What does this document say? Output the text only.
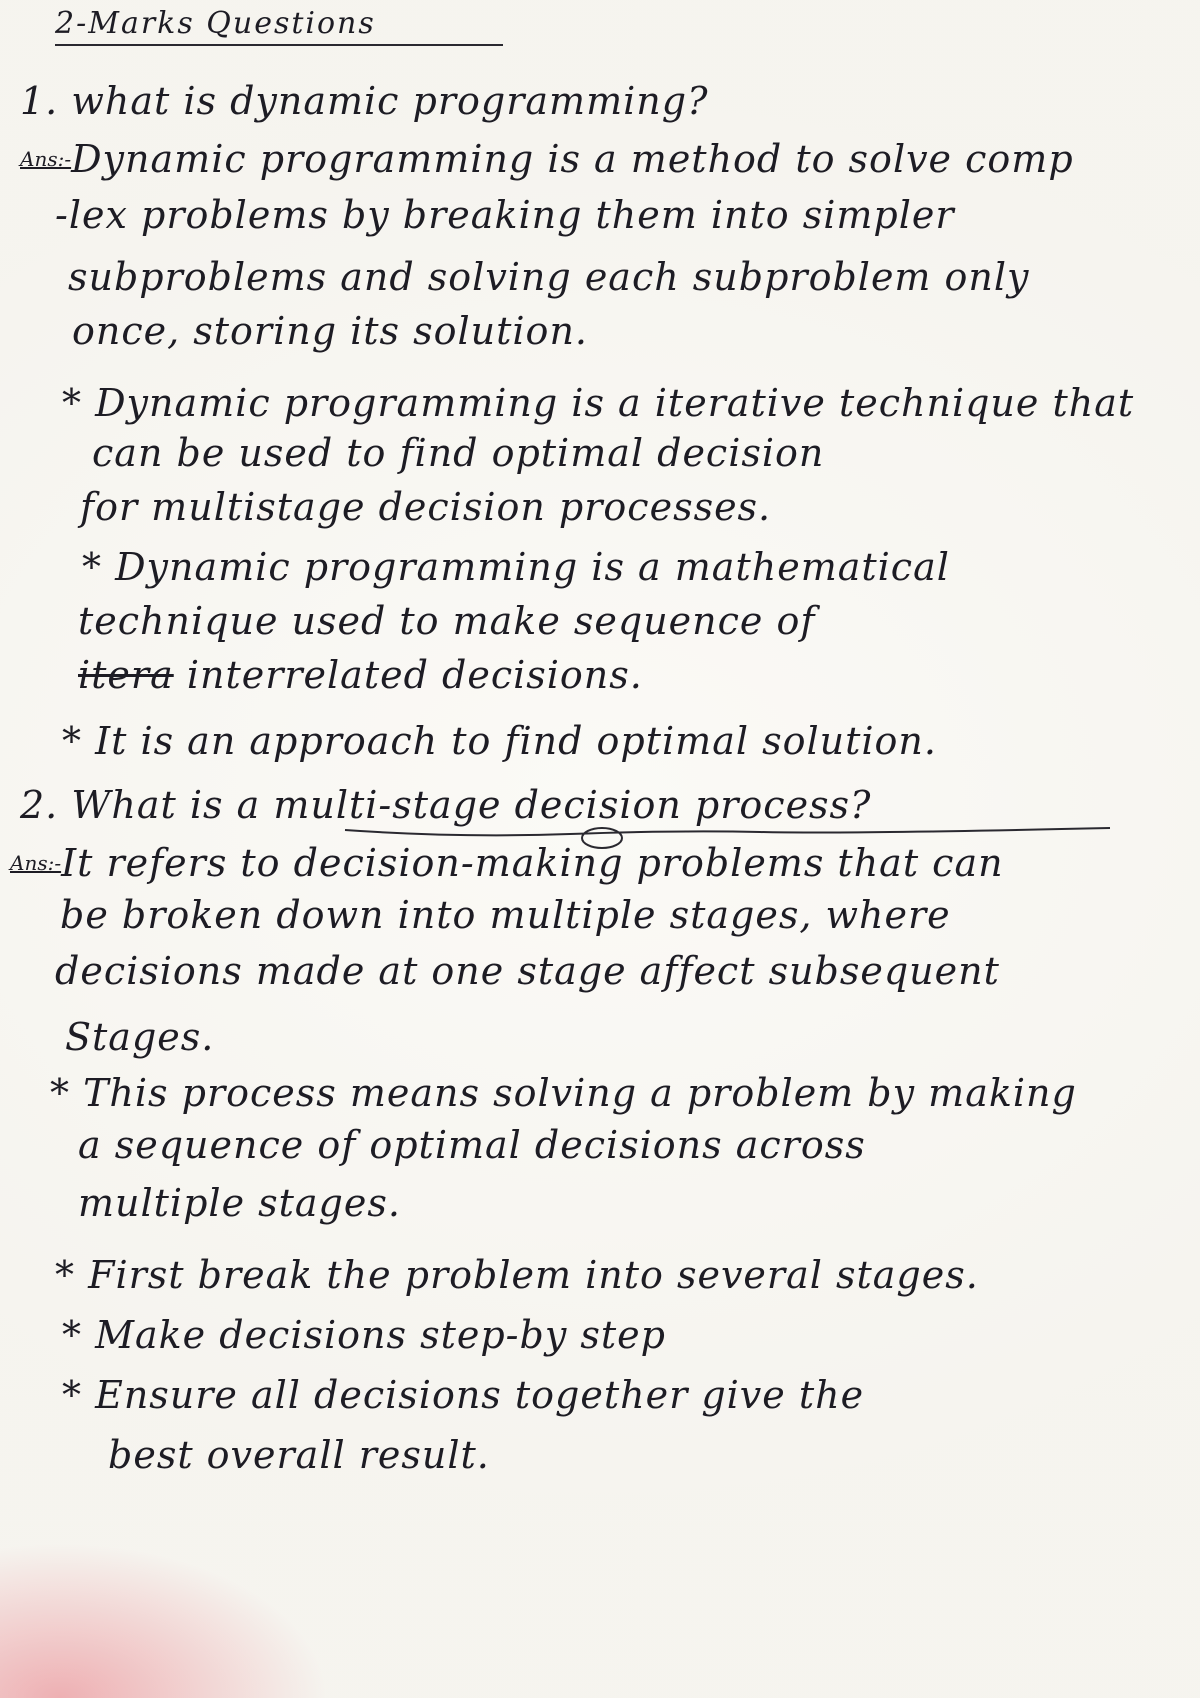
2-Marks Questions
1. what is dynamic programming?
Ans:-Dynamic programming is a method to solve comp
-lex problems by breaking them into simpler
subproblems and solving each subproblem only
once, storing its solution.
* Dynamic programming is a iterative technique that
can be used to find optimal decision
for multistage decision processes.
* Dynamic programming is a mathematical
technique used to make sequence of
itera interrelated decisions.
* It is an approach to find optimal solution.
2. What is a multi-stage decision process?
Ans:-It refers to decision-making problems that can
be broken down into multiple stages, where
decisions made at one stage affect subsequent
Stages.
* This process means solving a problem by making
a sequence of optimal decisions across
multiple stages.
* First break the problem into several stages.
* Make decisions step-by step
* Ensure all decisions together give the
best overall result.
